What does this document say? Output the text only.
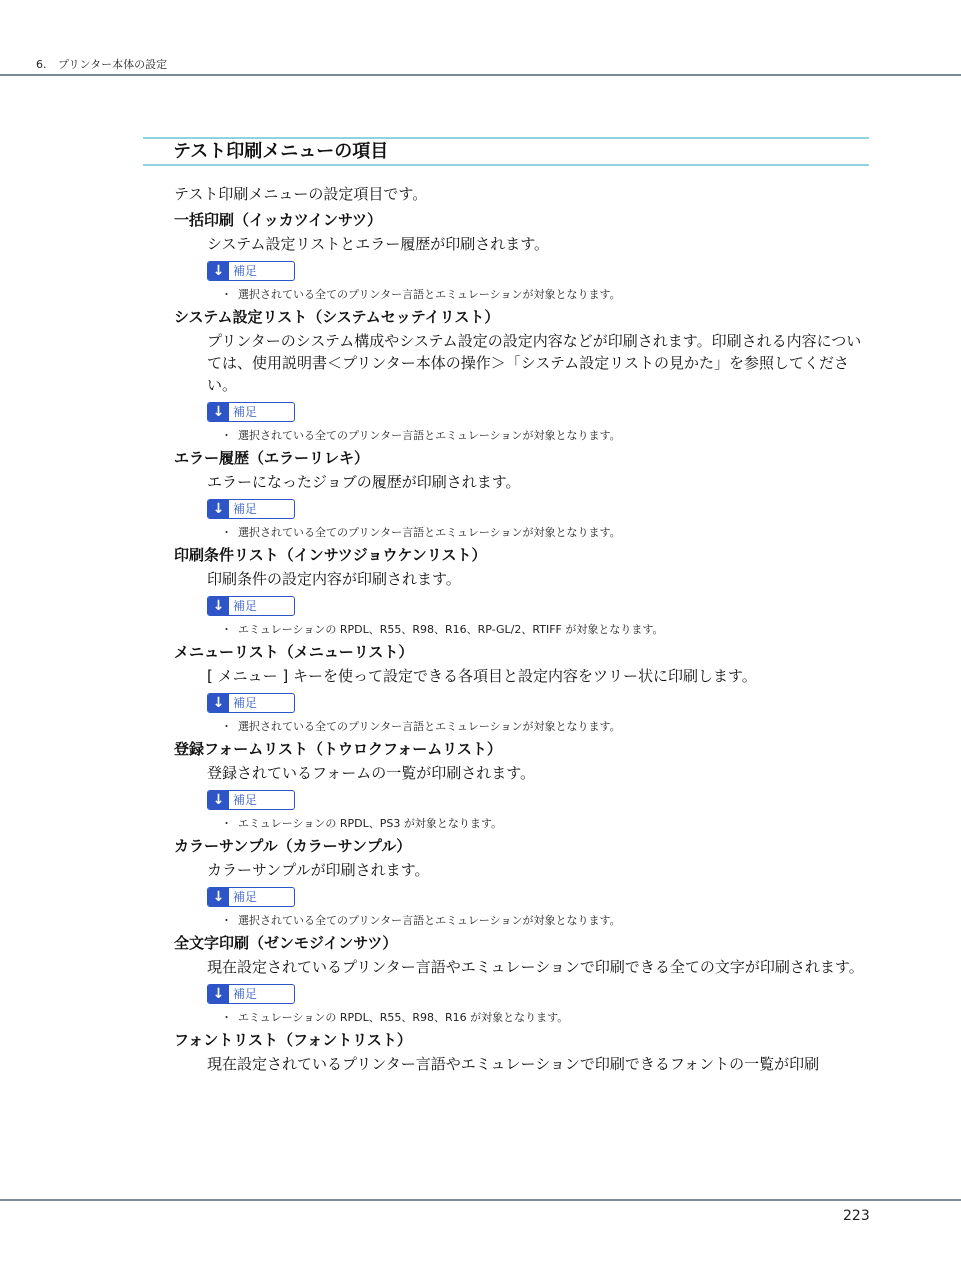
6. プリンター本体の設定
テスト印刷メニューの項目

テスト印刷メニューの設定項目です。

一括印刷（イッカツインサツ）
システム設定リストとエラー履歴が印刷されます。
↓ 補足
・ 選択されている全てのプリンター言語とエミュレーションが対象となります。
システム設定リスト（システムセッテイリスト）
プリンターのシステム構成やシステム設定の設定内容などが印刷されます。印刷される内容については、使用説明書＜プリンター本体の操作＞「システム設定リストの見かた」を参照してください。
↓ 補足
・ 選択されている全てのプリンター言語とエミュレーションが対象となります。
エラー履歴（エラーリレキ）
エラーになったジョブの履歴が印刷されます。
↓ 補足
・ 選択されている全てのプリンター言語とエミュレーションが対象となります。
印刷条件リスト（インサツジョウケンリスト）
印刷条件の設定内容が印刷されます。
↓ 補足
・ エミュレーションの RPDL、R55、R98、R16、RP-GL/2、RTIFF が対象となります。
メニューリスト（メニューリスト）
[ メニュー ] キーを使って設定できる各項目と設定内容をツリー状に印刷します。
↓ 補足
・ 選択されている全てのプリンター言語とエミュレーションが対象となります。
登録フォームリスト（トウロクフォームリスト）
登録されているフォームの一覧が印刷されます。
↓ 補足
・ エミュレーションの RPDL、PS3 が対象となります。
カラーサンプル（カラーサンプル）
カラーサンプルが印刷されます。
↓ 補足
・ 選択されている全てのプリンター言語とエミュレーションが対象となります。
全文字印刷（ゼンモジインサツ）
現在設定されているプリンター言語やエミュレーションで印刷できる全ての文字が印刷されます。
↓ 補足
・ エミュレーションの RPDL、R55、R98、R16 が対象となります。
フォントリスト（フォントリスト）
現在設定されているプリンター言語やエミュレーションで印刷できるフォントの一覧が印刷
223
